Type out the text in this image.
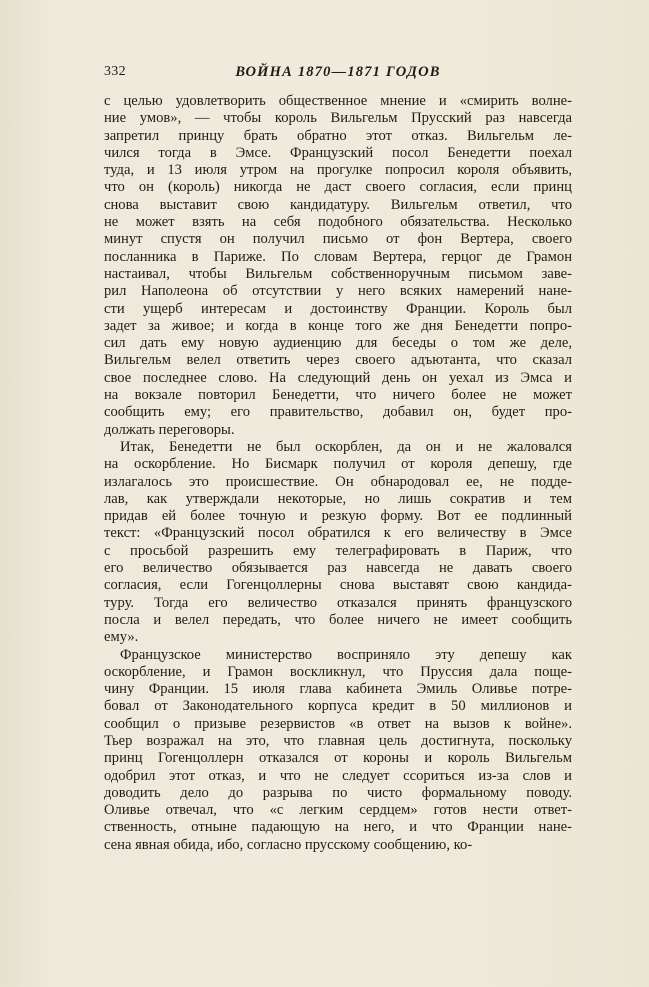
332	ВОЙНА 1870—1871 ГОДОВ

с целью удовлетворить общественное мнение и «смирить волне-
ние умов», — чтобы король Вильгельм Прусский раз навсегда
запретил принцу брать обратно этот отказ. Вильгельм ле-
чился тогда в Эмсе. Французский посол Бенедетти поехал
туда, и 13 июля утром на прогулке попросил короля объявить,
что он (король) никогда не даст своего согласия, если принц
снова выставит свою кандидатуру. Вильгельм ответил, что
не может взять на себя подобного обязательства. Несколько
минут спустя он получил письмо от фон Вертера, своего
посланника в Париже. По словам Вертера, герцог де Грамон
настаивал, чтобы Вильгельм собственноручным письмом заве-
рил Наполеона об отсутствии у него всяких намерений нане-
сти ущерб интересам и достоинству Франции. Король был
задет за живое; и когда в конце того же дня Бенедетти попро-
сил дать ему новую аудиенцию для беседы о том же деле,
Вильгельм велел ответить через своего адъютанта, что сказал
свое последнее слово. На следующий день он уехал из Эмса и
на вокзале повторил Бенедетти, что ничего более не может
сообщить ему; его правительство, добавил он, будет про-
должать переговоры.

Итак, Бенедетти не был оскорблен, да он и не жаловался
на оскорбление. Но Бисмарк получил от короля депешу, где
излагалось это происшествие. Он обнародовал ее, не подде-
лав, как утверждали некоторые, но лишь сократив и тем
придав ей более точную и резкую форму. Вот ее подлинный
текст: «Французский посол обратился к его величеству в Эмсе
с просьбой разрешить ему телеграфировать в Париж, что
его величество обязывается раз навсегда не давать своего
согласия, если Гогенцоллерны снова выставят свою кандида-
туру. Тогда его величество отказался принять французского
посла и велел передать, что более ничего не имеет сообщить
ему».

Французское министерство восприняло эту депешу как
оскорбление, и Грамон воскликнул, что Пруссия дала поще-
чину Франции. 15 июля глава кабинета Эмиль Оливье потре-
бовал от Законодательного корпуса кредит в 50 миллионов и
сообщил о призыве резервистов «в ответ на вызов к войне».
Тьер возражал на это, что главная цель достигнута, поскольку
принц Гогенцоллерн отказался от короны и король Вильгельм
одобрил этот отказ, и что не следует ссориться из-за слов и
доводить дело до разрыва по чисто формальному поводу.
Оливье отвечал, что «с легким сердцем» готов нести ответ-
ственность, отныне падающую на него, и что Франции нане-
сена явная обида, ибо, согласно прусскому сообщению, ко-
